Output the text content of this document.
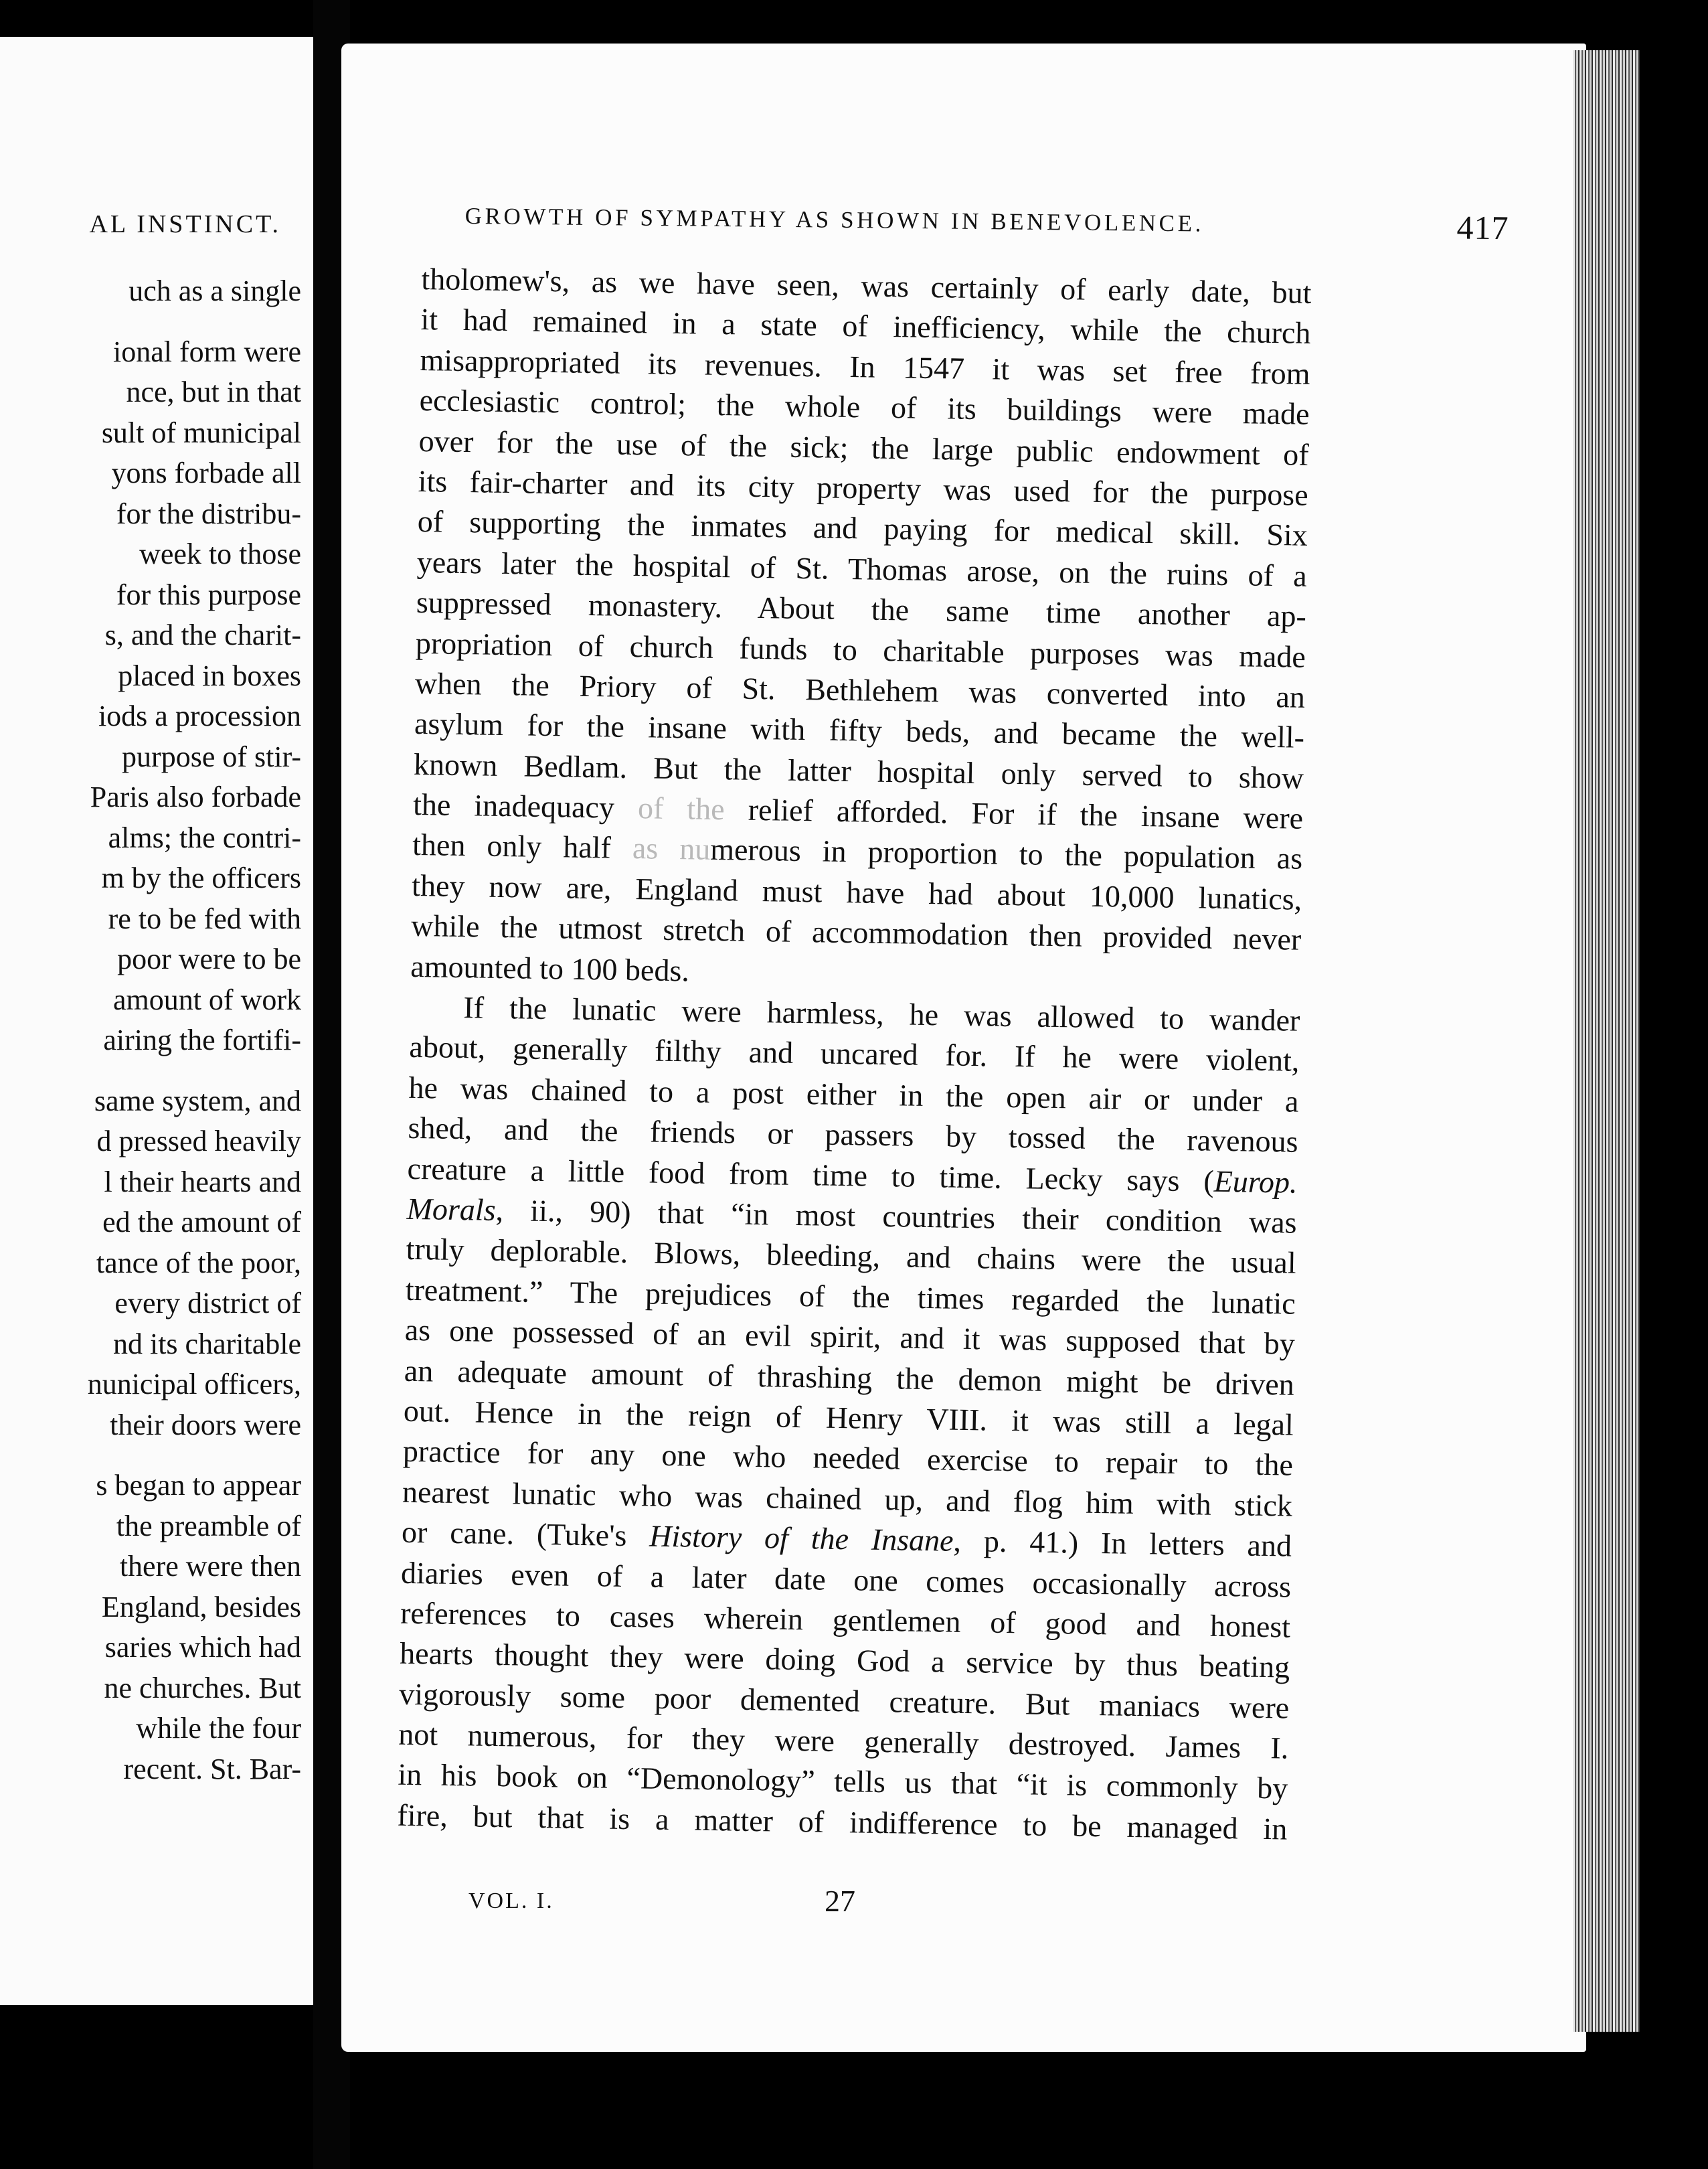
AL INSTINCT.
uch as a single
ional form were
nce, but in that
sult of municipal
yons forbade all
for the distribu-
week to those
for this purpose
s, and the charit-
placed in boxes
iods a procession
purpose of stir-
Paris also forbade
alms; the contri-
m by the officers
re to be fed with
poor were to be
amount of work
airing the fortifi-
same system, and
d pressed heavily
l their hearts and
ed the amount of
tance of the poor,
every district of
nd its charitable
nunicipal officers,
their doors were
s began to appear
the preamble of
there were then
England, besides
saries which had
ne churches. But
while the four
recent. St. Bar-
GROWTH OF SYMPATHY AS SHOWN IN BENEVOLENCE.	417
tholomew's, as we have seen, was certainly of early date, but
it had remained in a state of inefficiency, while the church
misappropriated its revenues. In 1547 it was set free from
ecclesiastic control; the whole of its buildings were made
over for the use of the sick; the large public endowment of
its fair-charter and its city property was used for the purpose
of supporting the inmates and paying for medical skill. Six
years later the hospital of St. Thomas arose, on the ruins of a
suppressed monastery. About the same time another ap-
propriation of church funds to charitable purposes was made
when the Priory of St. Bethlehem was converted into an
asylum for the insane with fifty beds, and became the well-
known Bedlam. But the latter hospital only served to show
the inadequacy of the relief afforded. For if the insane were
then only half as numerous in proportion to the population as
they now are, England must have had about 10,000 lunatics,
while the utmost stretch of accommodation then provided never
amounted to 100 beds.
If the lunatic were harmless, he was allowed to wander
about, generally filthy and uncared for. If he were violent,
he was chained to a post either in the open air or under a
shed, and the friends or passers by tossed the ravenous
creature a little food from time to time. Lecky says (Europ.
Morals, ii., 90) that “in most countries their condition was
truly deplorable. Blows, bleeding, and chains were the usual
treatment.” The prejudices of the times regarded the lunatic
as one possessed of an evil spirit, and it was supposed that by
an adequate amount of thrashing the demon might be driven
out. Hence in the reign of Henry VIII. it was still a legal
practice for any one who needed exercise to repair to the
nearest lunatic who was chained up, and flog him with stick
or cane. (Tuke's History of the Insane, p. 41.) In letters and
diaries even of a later date one comes occasionally across
references to cases wherein gentlemen of good and honest
hearts thought they were doing God a service by thus beating
vigorously some poor demented creature. But maniacs were
not numerous, for they were generally destroyed. James I.
in his book on “Demonology” tells us that “it is commonly by
fire, but that is a matter of indifference to be managed in
VOL. I.	27
